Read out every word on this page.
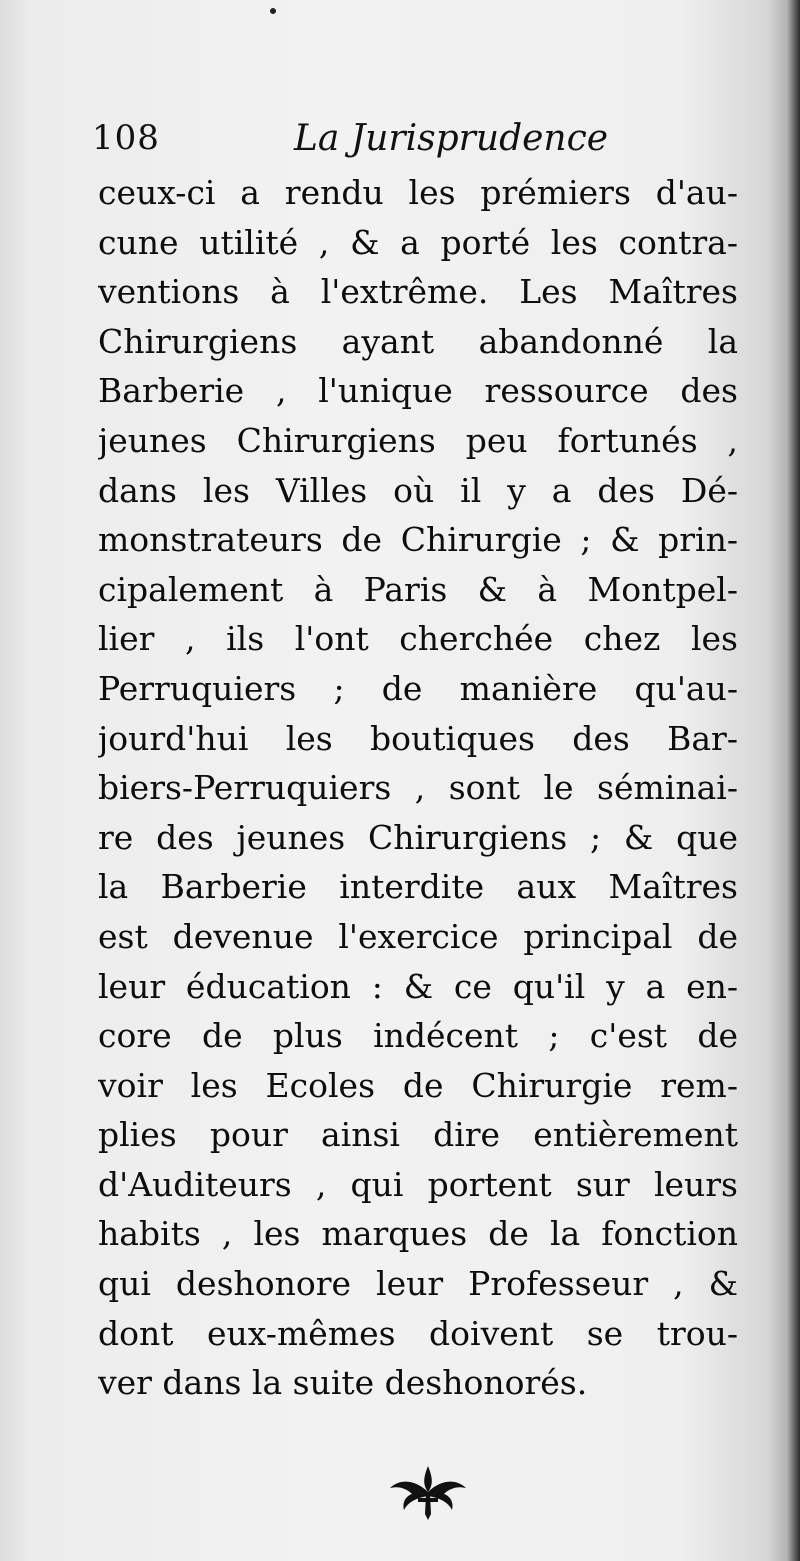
108	La Jurisprudence
ceux-ci a rendu les prémiers d'au-
cune utilité , & a porté les contra-
ventions à l'extrême. Les Maîtres
Chirurgiens ayant abandonné la
Barberie , l'unique ressource des
jeunes Chirurgiens peu fortunés ,
dans les Villes où il y a des Dé-
monstrateurs de Chirurgie ; & prin-
cipalement à Paris & à Montpel-
lier , ils l'ont cherchée chez les
Perruquiers ; de manière qu'au-
jourd'hui les boutiques des Bar-
biers-Perruquiers , sont le séminai-
re des jeunes Chirurgiens ; & que
la Barberie interdite aux Maîtres
est devenue l'exercice principal de
leur éducation : & ce qu'il y a en-
core de plus indécent ; c'est de
voir les Ecoles de Chirurgie rem-
plies pour ainsi dire entièrement
d'Auditeurs , qui portent sur leurs
habits , les marques de la fonction
qui deshonore leur Professeur , &
dont eux-mêmes doivent se trou-
ver dans la suite deshonorés.
